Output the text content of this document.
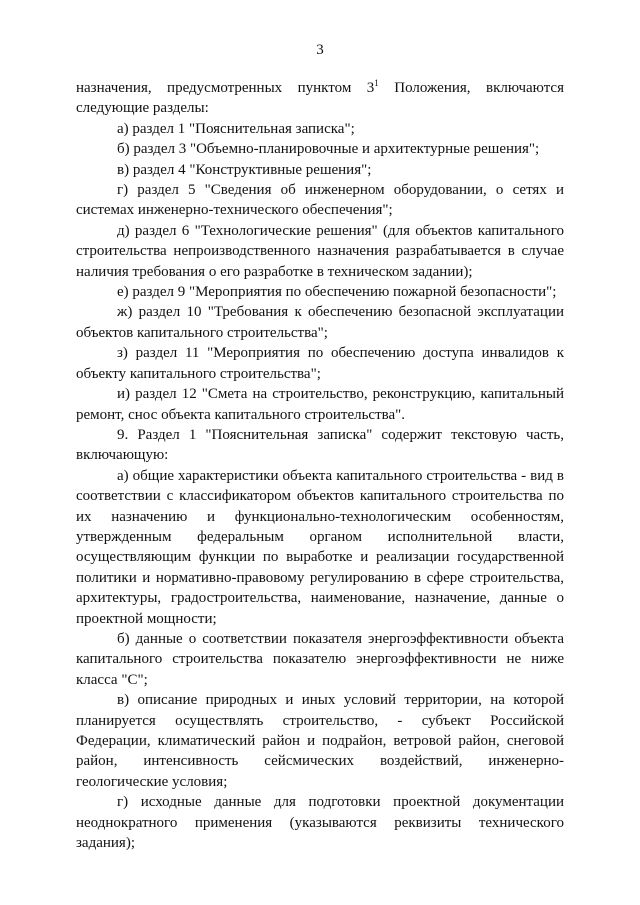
3

назначения, предусмотренных пунктом $3^1$ Положения, включаются следующие разделы:

а) раздел 1 "Пояснительная записка";

б) раздел 3 "Объемно-планировочные и архитектурные решения";

в) раздел 4 "Конструктивные решения";

г) раздел 5 "Сведения об инженерном оборудовании, о сетях и системах инженерно-технического обеспечения";

д) раздел 6 "Технологические решения" (для объектов капитального строительства непроизводственного назначения разрабатывается в случае наличия требования о его разработке в техническом задании);

е) раздел 9 "Мероприятия по обеспечению пожарной безопасности";

ж) раздел 10 "Требования к обеспечению безопасной эксплуатации объектов капитального строительства";

з) раздел 11 "Мероприятия по обеспечению доступа инвалидов к объекту капитального строительства";

и) раздел 12 "Смета на строительство, реконструкцию, капитальный ремонт, снос объекта капитального строительства".

9. Раздел 1 "Пояснительная записка" содержит текстовую часть, включающую:

а) общие характеристики объекта капитального строительства - вид в соответствии с классификатором объектов капитального строительства по их назначению и функционально-технологическим особенностям, утвержденным федеральным органом исполнительной власти, осуществляющим функции по выработке и реализации государственной политики и нормативно-правовому регулированию в сфере строительства, архитектуры, градостроительства, наименование, назначение, данные о проектной мощности;

б) данные о соответствии показателя энергоэффективности объекта капитального строительства показателю энергоэффективности не ниже класса "С";

в) описание природных и иных условий территории, на которой планируется осуществлять строительство, - субъект Российской Федерации, климатический район и подрайон, ветровой район, снеговой район, интенсивность сейсмических воздействий, инженерно-геологические условия;

г) исходные данные для подготовки проектной документации неоднократного применения (указываются реквизиты технического задания);
